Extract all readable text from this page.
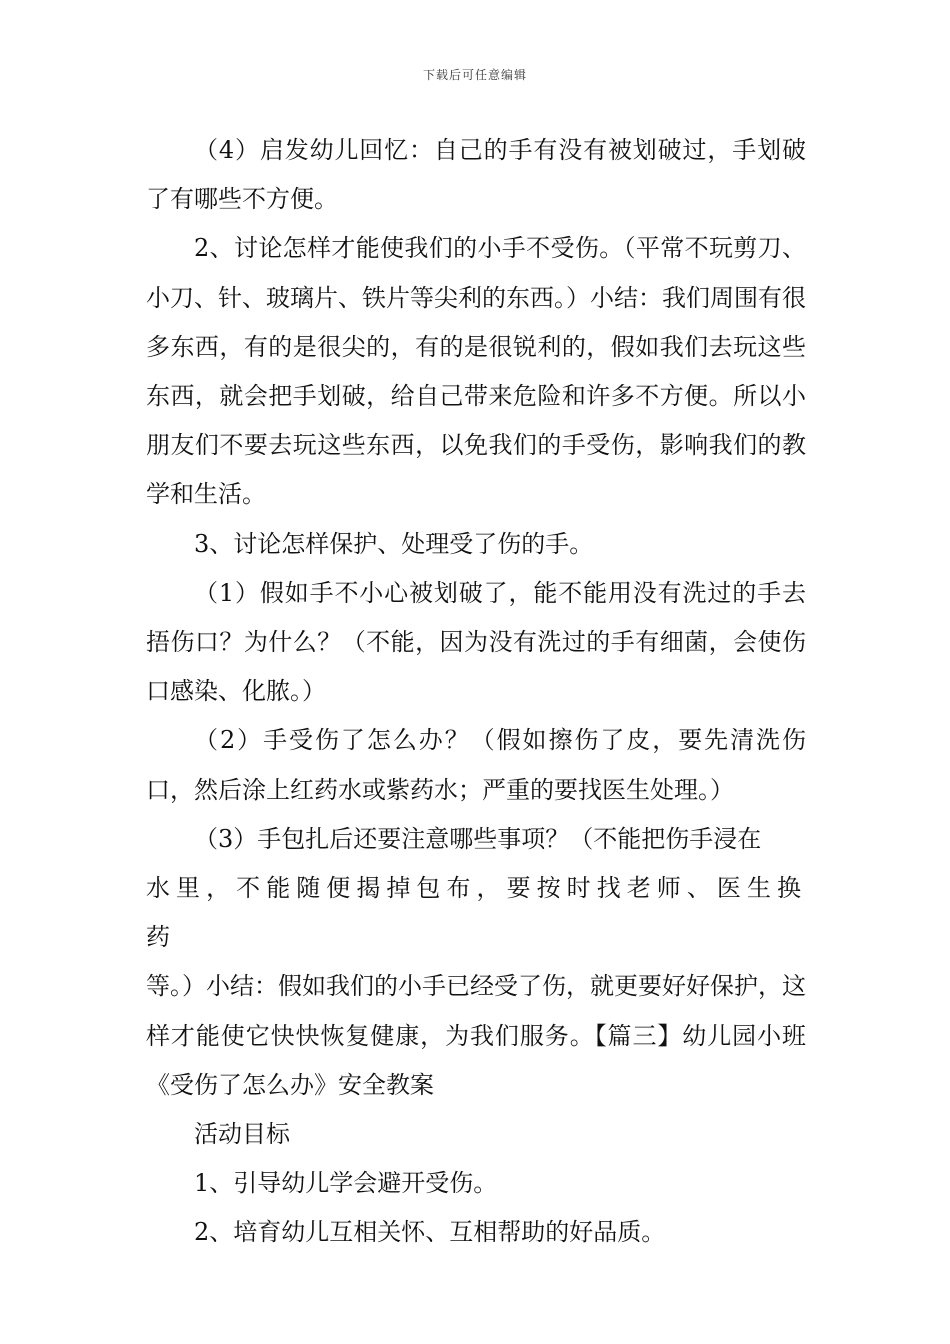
下载后可任意编辑

（4）启发幼儿回忆：自己的手有没有被划破过，手划破了有哪些不方便。

2、讨论怎样才能使我们的小手不受伤。（平常不玩剪刀、小刀、针、玻璃片、铁片等尖利的东西。）小结：我们周围有很多东西，有的是很尖的，有的是很锐利的，假如我们去玩这些东西，就会把手划破，给自己带来危险和许多不方便。所以小朋友们不要去玩这些东西，以免我们的手受伤，影响我们的教学和生活。

3、讨论怎样保护、处理受了伤的手。

（1）假如手不小心被划破了，能不能用没有洗过的手去捂伤口？为什么？（不能，因为没有洗过的手有细菌，会使伤口感染、化脓。）

（2）手受伤了怎么办？（假如擦伤了皮，要先清洗伤口，然后涂上红药水或紫药水；严重的要找医生处理。）

（3）手包扎后还要注意哪些事项？（不能把伤手浸在

水里，不能随便揭掉包布，要按时找老师、医生换药

等。）小结：假如我们的小手已经受了伤，就更要好好保护，这样才能使它快快恢复健康，为我们服务。【篇三】幼儿园小班《受伤了怎么办》安全教案

活动目标

1、引导幼儿学会避开受伤。

2、培育幼儿互相关怀、互相帮助的好品质。
